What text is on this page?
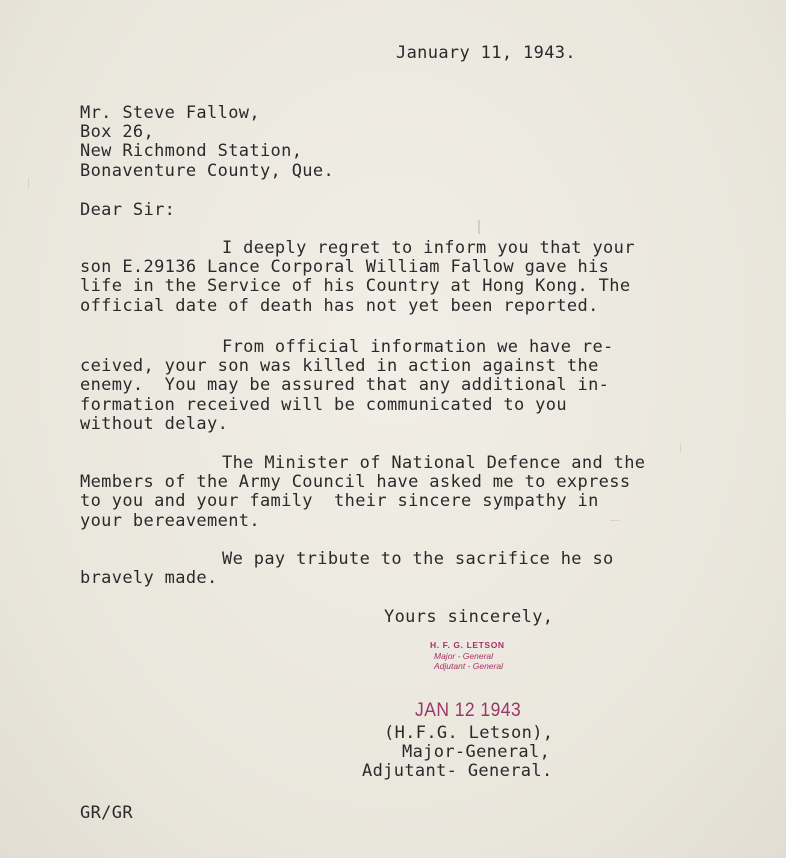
January 11, 1943.
Mr. Steve Fallow,
Box 26,
New Richmond Station,
Bonaventure County, Que.
Dear Sir:
I deeply regret to inform you that your
son E.29136 Lance Corporal William Fallow gave his
life in the Service of his Country at Hong Kong. The
official date of death has not yet been reported.
From official information we have re-
ceived, your son was killed in action against the
enemy.  You may be assured that any additional in-
formation received will be communicated to you
without delay.
The Minister of National Defence and the
Members of the Army Council have asked me to express
to you and your family  their sincere sympathy in
your bereavement.
We pay tribute to the sacrifice he so
bravely made.
Yours sincerely,
H. F. G. LETSON
Major - General
Adjutant - General
JAN 12 1943
(H.F.G. Letson),
Major-General,
Adjutant- General.
GR/GR
